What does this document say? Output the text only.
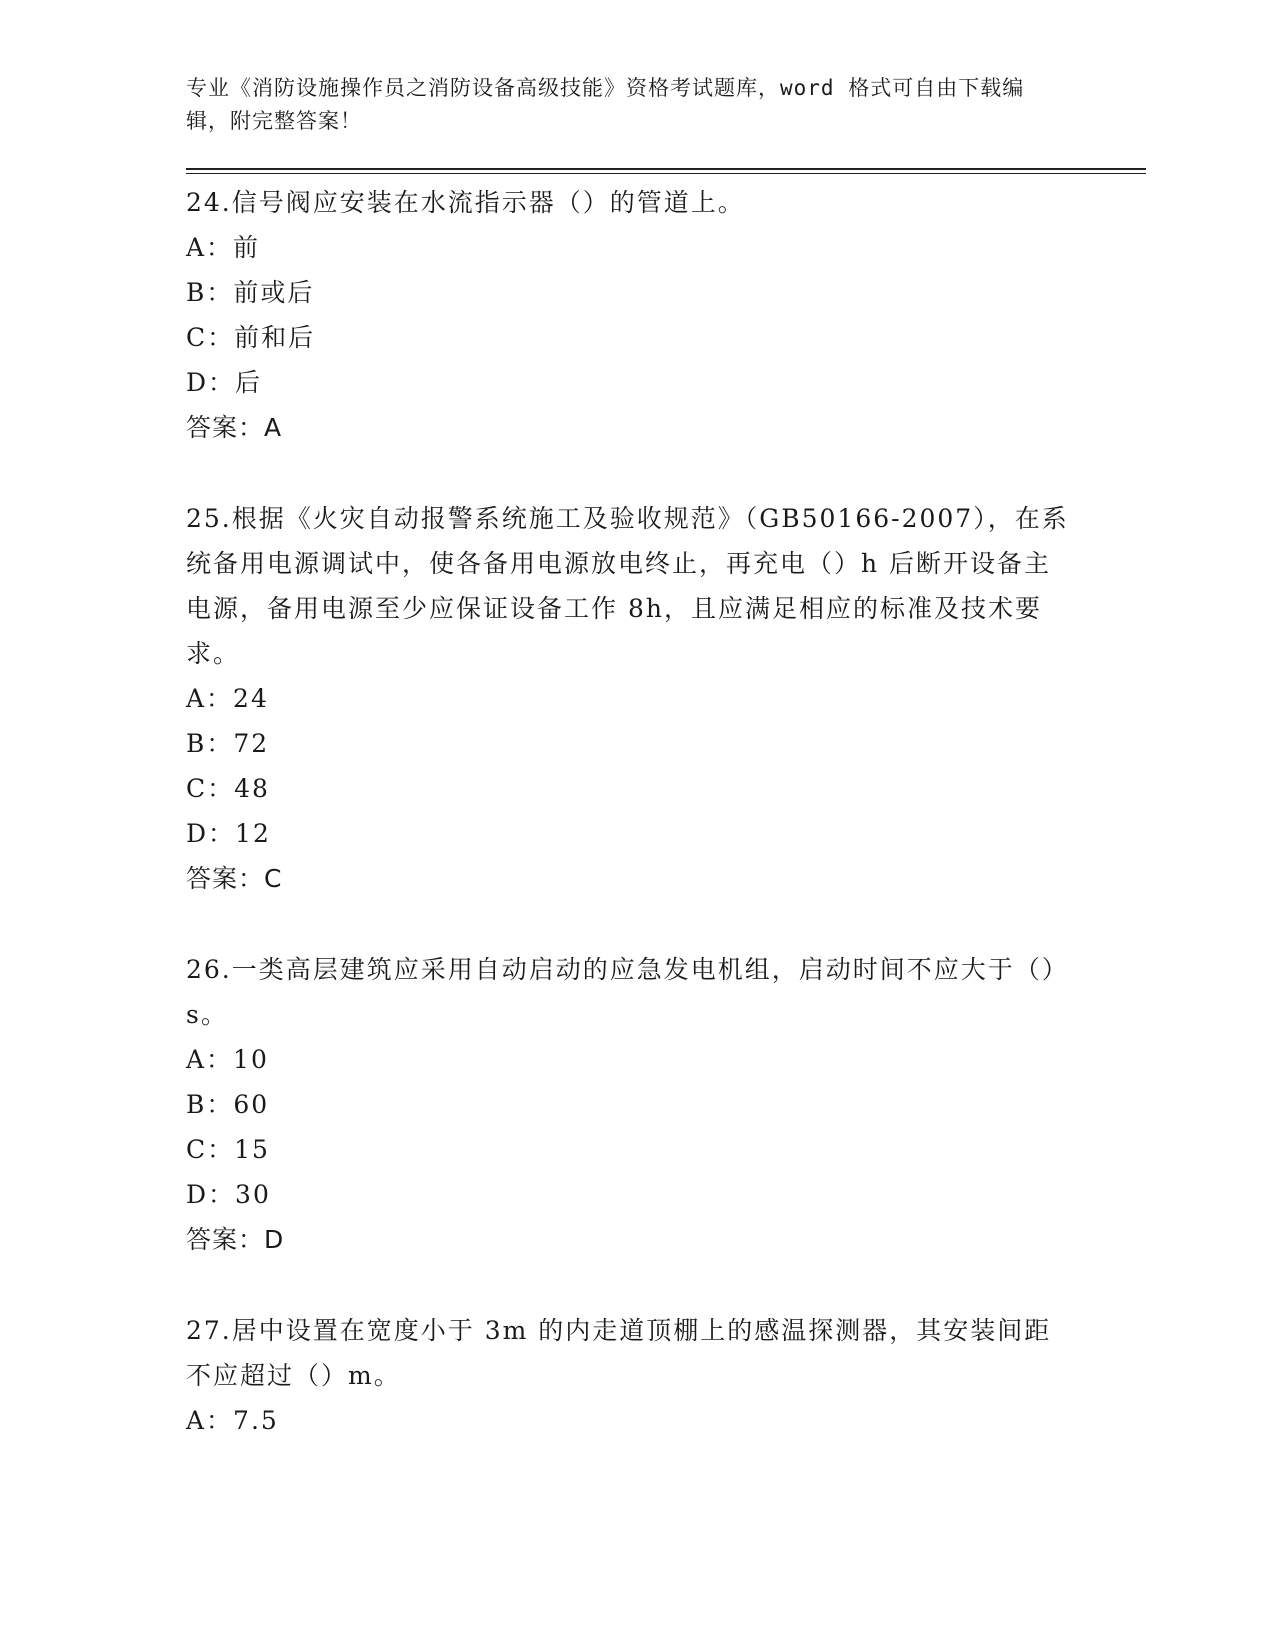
专业《消防设施操作员之消防设备高级技能》资格考试题库，word 格式可自由下载编辑，附完整答案！

24.信号阀应安装在水流指示器（）的管道上。

A：前

B：前或后

C：前和后

D：后

答案：A

25.根据《火灾自动报警系统施工及验收规范》（GB50166-2007），在系统备用电源调试中，使各备用电源放电终止，再充电（）h 后断开设备主电源，备用电源至少应保证设备工作 8h，且应满足相应的标准及技术要求。

A：24

B：72

C：48

D：12

答案：C

26.一类高层建筑应采用自动启动的应急发电机组，启动时间不应大于（）s。

A：10

B：60

C：15

D：30

答案：D

27.居中设置在宽度小于 3m 的内走道顶棚上的感温探测器，其安装间距不应超过（）m。

A：7.5
